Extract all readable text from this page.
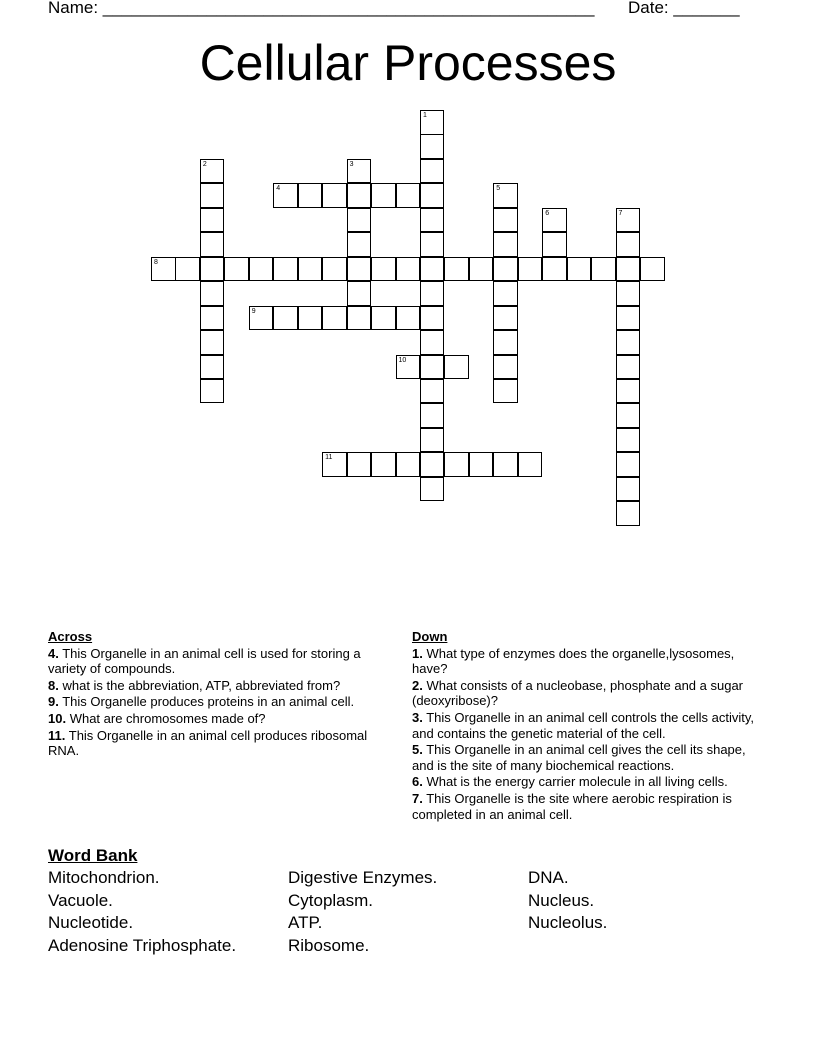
Name: ____________________________________________________ Date: _______
Cellular Processes
1
2	3
4	5
6	7
8
9
10
11
Across
4. This Organelle in an animal cell is used for storing a variety of compounds.
8. what is the abbreviation, ATP, abbreviated from?
9. This Organelle produces proteins in an animal cell.
10. What are chromosomes made of?
11. This Organelle in an animal cell produces ribosomal RNA.
Down
1. What type of enzymes does the organelle,lysosomes, have?
2. What consists of a nucleobase, phosphate and a sugar (deoxyribose)?
3. This Organelle in an animal cell controls the cells activity, and contains the genetic material of the cell.
5. This Organelle in an animal cell gives the cell its shape, and is the site of many biochemical reactions.
6. What is the energy carrier molecule in all living cells.
7. This Organelle is the site where aerobic respiration is completed in an animal cell.
Word Bank
Mitochondrion.
Vacuole.
Nucleotide.
Adenosine Triphosphate.
Digestive Enzymes.
Cytoplasm.
ATP.
Ribosome.
DNA.
Nucleus.
Nucleolus.
